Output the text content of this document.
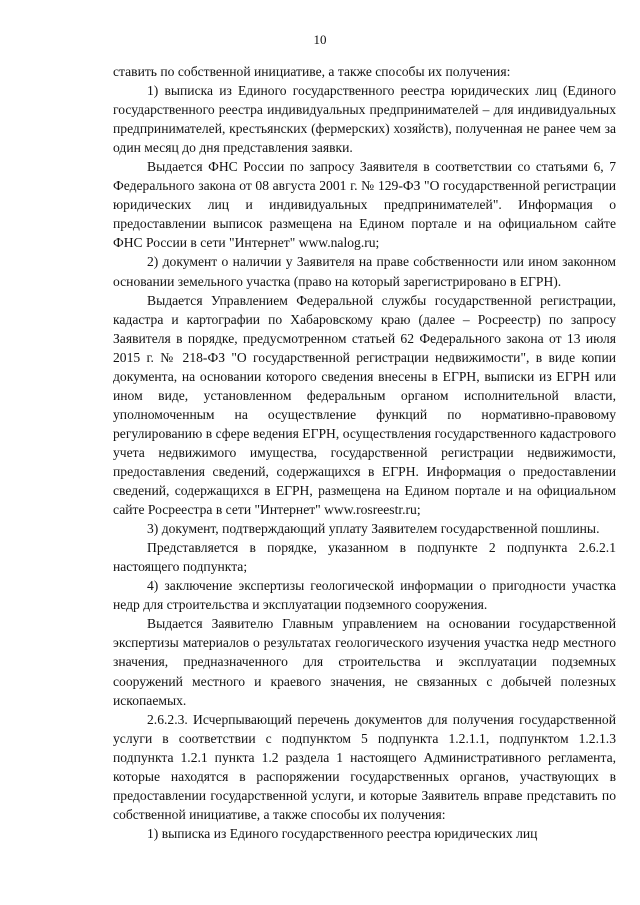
10

ставить по собственной инициативе, а также способы их получения:

1) выписка из Единого государственного реестра юридических лиц (Единого государственного реестра индивидуальных предпринимателей – для индивидуальных предпринимателей, крестьянских (фермерских) хозяйств), полученная не ранее чем за один месяц до дня представления заявки.

Выдается ФНС России по запросу Заявителя в соответствии со статьями 6, 7 Федерального закона от 08 августа 2001 г. № 129-ФЗ "О государственной регистрации юридических лиц и индивидуальных предпринимателей". Информация о предоставлении выписок размещена на Едином портале и на официальном сайте ФНС России в сети "Интернет" www.nalog.ru;

2) документ о наличии у Заявителя на праве собственности или ином законном основании земельного участка (право на который зарегистрировано в ЕГРН).

Выдается Управлением Федеральной службы государственной регистрации, кадастра и картографии по Хабаровскому краю (далее – Росреестр) по запросу Заявителя в порядке, предусмотренном статьей 62 Федерального закона от 13 июля 2015 г. № 218-ФЗ "О государственной регистрации недвижимости", в виде копии документа, на основании которого сведения внесены в ЕГРН, выписки из ЕГРН или ином виде, установленном федеральным органом исполнительной власти, уполномоченным на осуществление функций по нормативно-правовому регулированию в сфере ведения ЕГРН, осуществления государственного кадастрового учета недвижимого имущества, государственной регистрации недвижимости, предоставления сведений, содержащихся в ЕГРН. Информация о предоставлении сведений, содержащихся в ЕГРН, размещена на Едином портале и на официальном сайте Росреестра в сети "Интернет" www.rosreestr.ru;

3) документ, подтверждающий уплату Заявителем государственной пошлины.

Представляется в порядке, указанном в подпункте 2 подпункта 2.6.2.1 настоящего подпункта;

4) заключение экспертизы геологической информации о пригодности участка недр для строительства и эксплуатации подземного сооружения.

Выдается Заявителю Главным управлением на основании государственной экспертизы материалов о результатах геологического изучения участка недр местного значения, предназначенного для строительства и эксплуатации подземных сооружений местного и краевого значения, не связанных с добычей полезных ископаемых.

2.6.2.3. Исчерпывающий перечень документов для получения государственной услуги в соответствии с подпунктом 5 подпункта 1.2.1.1, подпунктом 1.2.1.3 подпункта 1.2.1 пункта 1.2 раздела 1 настоящего Административного регламента, которые находятся в распоряжении государственных органов, участвующих в предоставлении государственной услуги, и которые Заявитель вправе представить по собственной инициативе, а также способы их получения:

1) выписка из Единого государственного реестра юридических лиц
